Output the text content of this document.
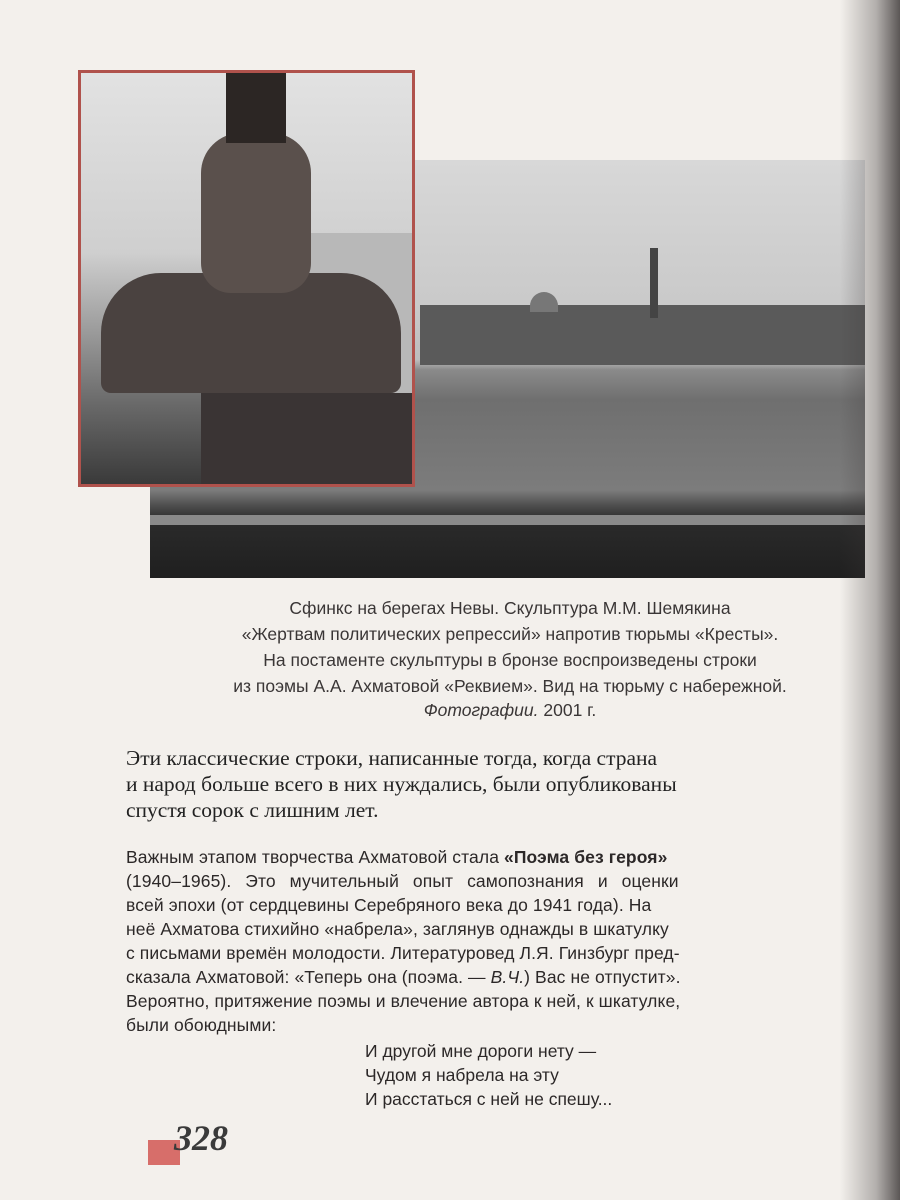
Сфинкс на берегах Невы. Скульптура М.М. Шемякина
«Жертвам политических репрессий» напротив тюрьмы «Кресты».
На постаменте скульптуры в бронзе воспроизведены строки
из поэмы А.А. Ахматовой «Реквием». Вид на тюрьму с набережной.
Фотографии. 2001 г.
Эти классические строки, написанные тогда, когда страна
и народ больше всего в них нуждались, были опубликованы
спустя сорок с лишним лет.
Важным этапом творчества Ахматовой стала «Поэма без героя»
(1940–1965). Это мучительный опыт самопознания и оценки
всей эпохи (от сердцевины Серебряного века до 1941 года). На
неё Ахматова стихийно «набрела», заглянув однажды в шкатулку
с письмами времён молодости. Литературовед Л.Я. Гинзбург пред-
сказала Ахматовой: «Теперь она (поэма. — В.Ч.) Вас не отпустит».
Вероятно, притяжение поэмы и влечение автора к ней, к шкатулке,
были обоюдными:
И другой мне дороги нету —
Чудом я набрела на эту
И расстаться с ней не спешу...
328
